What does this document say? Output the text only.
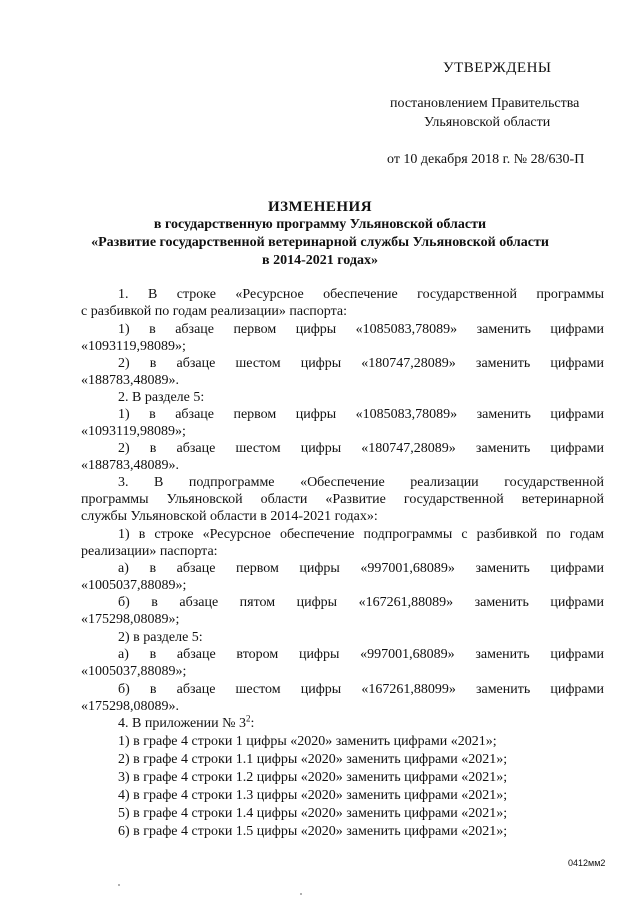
УТВЕРЖДЕНЫ
постановлением Правительства
Ульяновской области
от 10 декабря 2018 г. № 28/630-П
ИЗМЕНЕНИЯ
в государственную программу Ульяновской области
«Развитие государственной ветеринарной службы Ульяновской области
в 2014-2021 годах»
1. В строке «Ресурсное обеспечение государственной программы
с разбивкой по годам реализации» паспорта:
1) в абзаце первом цифры «1085083,78089» заменить цифрами
«1093119,98089»;
2) в абзаце шестом цифры «180747,28089» заменить цифрами
«188783,48089».
2. В разделе 5:
1) в абзаце первом цифры «1085083,78089» заменить цифрами
«1093119,98089»;
2) в абзаце шестом цифры «180747,28089» заменить цифрами
«188783,48089».
3. В подпрограмме «Обеспечение реализации государственной
программы Ульяновской области «Развитие государственной ветеринарной
службы Ульяновской области в 2014-2021 годах»:
1) в строке «Ресурсное обеспечение подпрограммы с разбивкой по годам
реализации» паспорта:
а) в абзаце первом цифры «997001,68089» заменить цифрами
«1005037,88089»;
б) в абзаце пятом цифры «167261,88089» заменить цифрами
«175298,08089»;
2) в разделе 5:
а) в абзаце втором цифры «997001,68089» заменить цифрами
«1005037,88089»;
б) в абзаце шестом цифры «167261,88099» заменить цифрами
«175298,08089».
4. В приложении № $3^2$:
1) в графе 4 строки 1 цифры «2020» заменить цифрами «2021»;
2) в графе 4 строки 1.1 цифры «2020» заменить цифрами «2021»;
3) в графе 4 строки 1.2 цифры «2020» заменить цифрами «2021»;
4) в графе 4 строки 1.3 цифры «2020» заменить цифрами «2021»;
5) в графе 4 строки 1.4 цифры «2020» заменить цифрами «2021»;
6) в графе 4 строки 1.5 цифры «2020» заменить цифрами «2021»;
0412мм2
